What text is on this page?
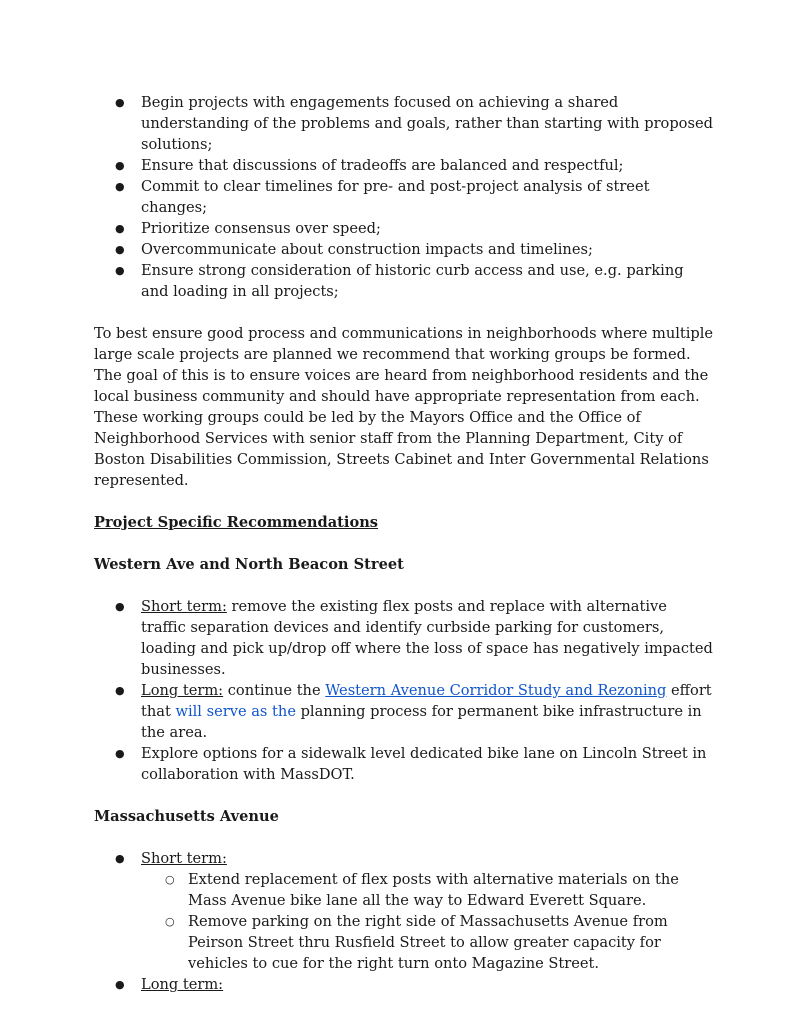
● Begin projects with engagements focused on achieving a shared understanding of the problems and goals, rather than starting with proposed solutions;
● Ensure that discussions of tradeoffs are balanced and respectful;
● Commit to clear timelines for pre- and post-project analysis of street changes;
● Prioritize consensus over speed;
● Overcommunicate about construction impacts and timelines;
● Ensure strong consideration of historic curb access and use, e.g. parking and loading in all projects;

To best ensure good process and communications in neighborhoods where multiple large scale projects are planned we recommend that working groups be formed. The goal of this is to ensure voices are heard from neighborhood residents and the local business community and should have appropriate representation from each. These working groups could be led by the Mayors Office and the Office of Neighborhood Services with senior staff from the Planning Department, City of Boston Disabilities Commission, Streets Cabinet and Inter Governmental Relations represented.

Project Specific Recommendations

Western Ave and North Beacon Street

● Short term: remove the existing flex posts and replace with alternative traffic separation devices and identify curbside parking for customers, loading and pick up/drop off where the loss of space has negatively impacted businesses.
● Long term: continue the Western Avenue Corridor Study and Rezoning effort that will serve as the planning process for permanent bike infrastructure in the area.
● Explore options for a sidewalk level dedicated bike lane on Lincoln Street in collaboration with MassDOT.

Massachusetts Avenue

● Short term:
○ Extend replacement of flex posts with alternative materials on the Mass Avenue bike lane all the way to Edward Everett Square.
○ Remove parking on the right side of Massachusetts Avenue from Peirson Street thru Rusfield Street to allow greater capacity for vehicles to cue for the right turn onto Magazine Street.
● Long term:
